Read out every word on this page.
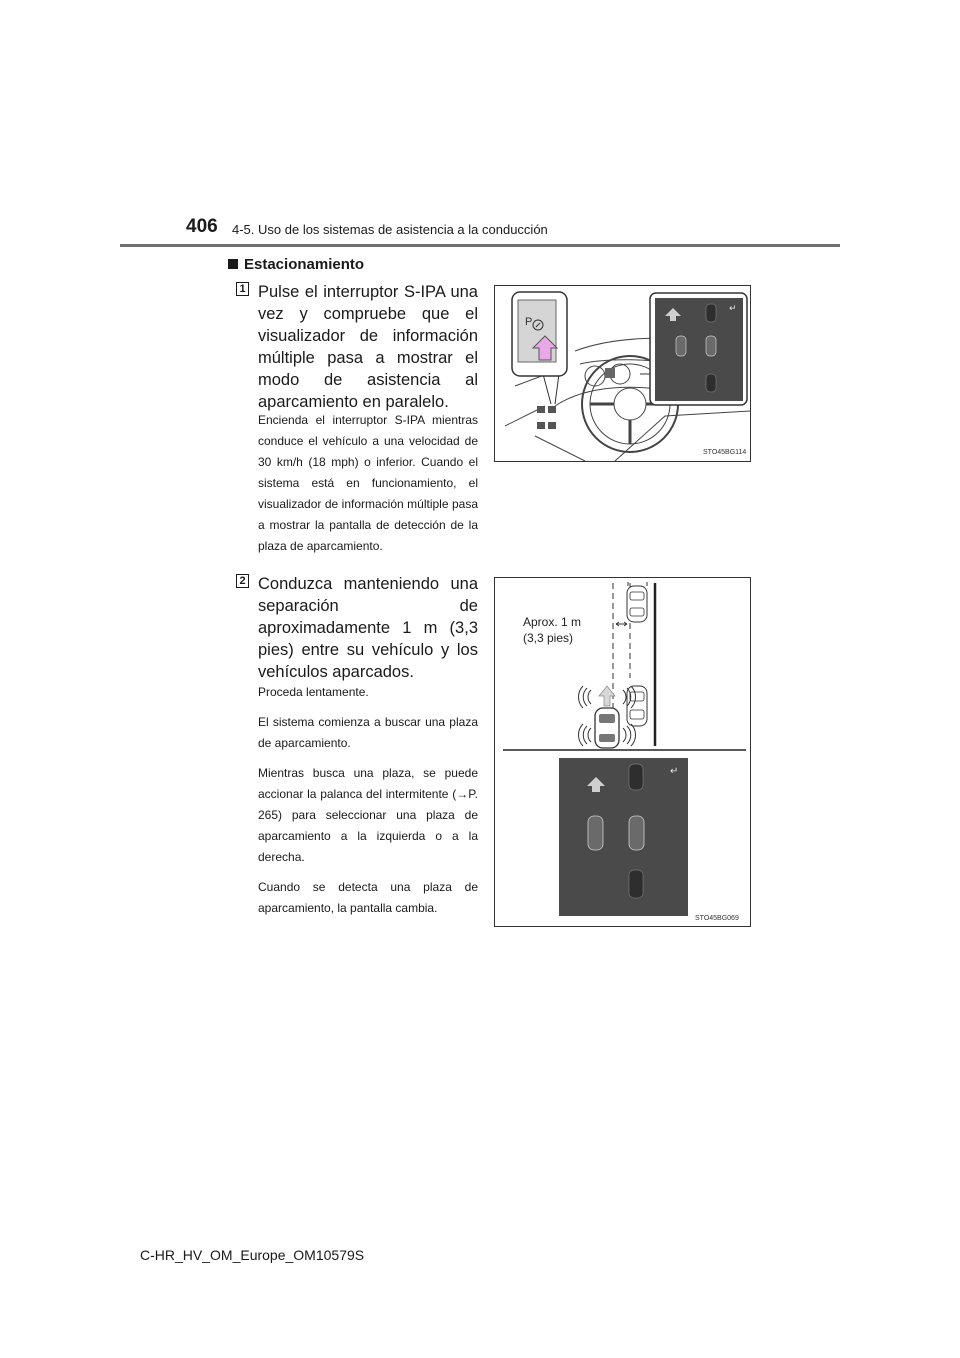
406 4-5. Uso de los sistemas de asistencia a la conducción
Estacionamiento
1 Pulse el interruptor S-IPA una vez y compruebe que el visualizador de información múltiple pasa a mostrar el modo de asistencia al aparcamiento en paralelo.

Encienda el interruptor S-IPA mientras conduce el vehículo a una velocidad de 30 km/h (18 mph) o inferior. Cuando el sistema está en funcionamiento, el visualizador de información múltiple pasa a mostrar la pantalla de detección de la plaza de aparcamiento.

P
↵
STO45BG114
2 Conduzca manteniendo una separación de aproximadamente 1 m (3,3 pies) entre su vehículo y los vehículos aparcados.

Proceda lentamente.

El sistema comienza a buscar una plaza de aparcamiento.

Mientras busca una plaza, se puede accionar la palanca del intermitente (→P. 265) para seleccionar una plaza de aparcamiento a la izquierda o a la derecha.

Cuando se detecta una plaza de aparcamiento, la pantalla cambia.

Aprox. 1 m
(3,3 pies)
↵
STO45BG069
C-HR_HV_OM_Europe_OM10579S
